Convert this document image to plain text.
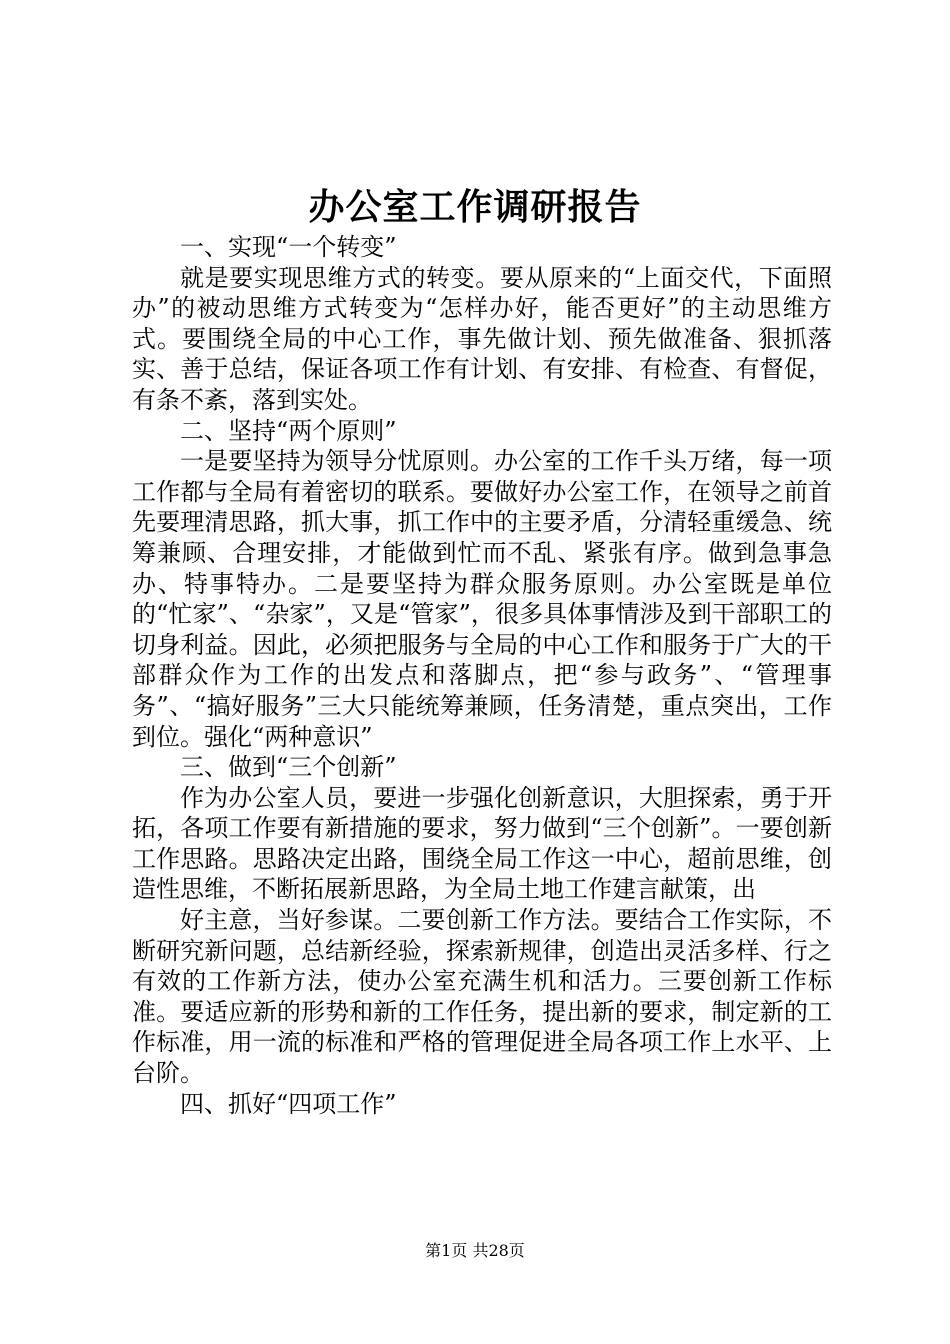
办公室工作调研报告

一、实现“一个转变”

就是要实现思维方式的转变。要从原来的“上面交代，下面照办”的被动思维方式转变为“怎样办好，能否更好”的主动思维方式。要围绕全局的中心工作，事先做计划、预先做准备、狠抓落实、善于总结，保证各项工作有计划、有安排、有检查、有督促，有条不紊，落到实处。

二、坚持“两个原则”

一是要坚持为领导分忧原则。办公室的工作千头万绪，每一项工作都与全局有着密切的联系。要做好办公室工作，在领导之前首先要理清思路，抓大事，抓工作中的主要矛盾，分清轻重缓急、统筹兼顾、合理安排，才能做到忙而不乱、紧张有序。做到急事急办、特事特办。二是要坚持为群众服务原则。办公室既是单位的“忙家”、“杂家”，又是“管家”，很多具体事情涉及到干部职工的切身利益。因此，必须把服务与全局的中心工作和服务于广大的干部群众作为工作的出发点和落脚点，把“参与政务”、“管理事务”、“搞好服务”三大只能统筹兼顾，任务清楚，重点突出，工作到位。强化“两种意识”

三、做到“三个创新”

作为办公室人员，要进一步强化创新意识，大胆探索，勇于开拓，各项工作要有新措施的要求，努力做到“三个创新”。一要创新工作思路。思路决定出路，围绕全局工作这一中心，超前思维，创造性思维，不断拓展新思路，为全局土地工作建言献策，出

好主意，当好参谋。二要创新工作方法。要结合工作实际，不断研究新问题，总结新经验，探索新规律，创造出灵活多样、行之有效的工作新方法，使办公室充满生机和活力。三要创新工作标准。要适应新的形势和新的工作任务，提出新的要求，制定新的工作标准，用一流的标准和严格的管理促进全局各项工作上水平、上台阶。

四、抓好“四项工作”

第1页 共28页
